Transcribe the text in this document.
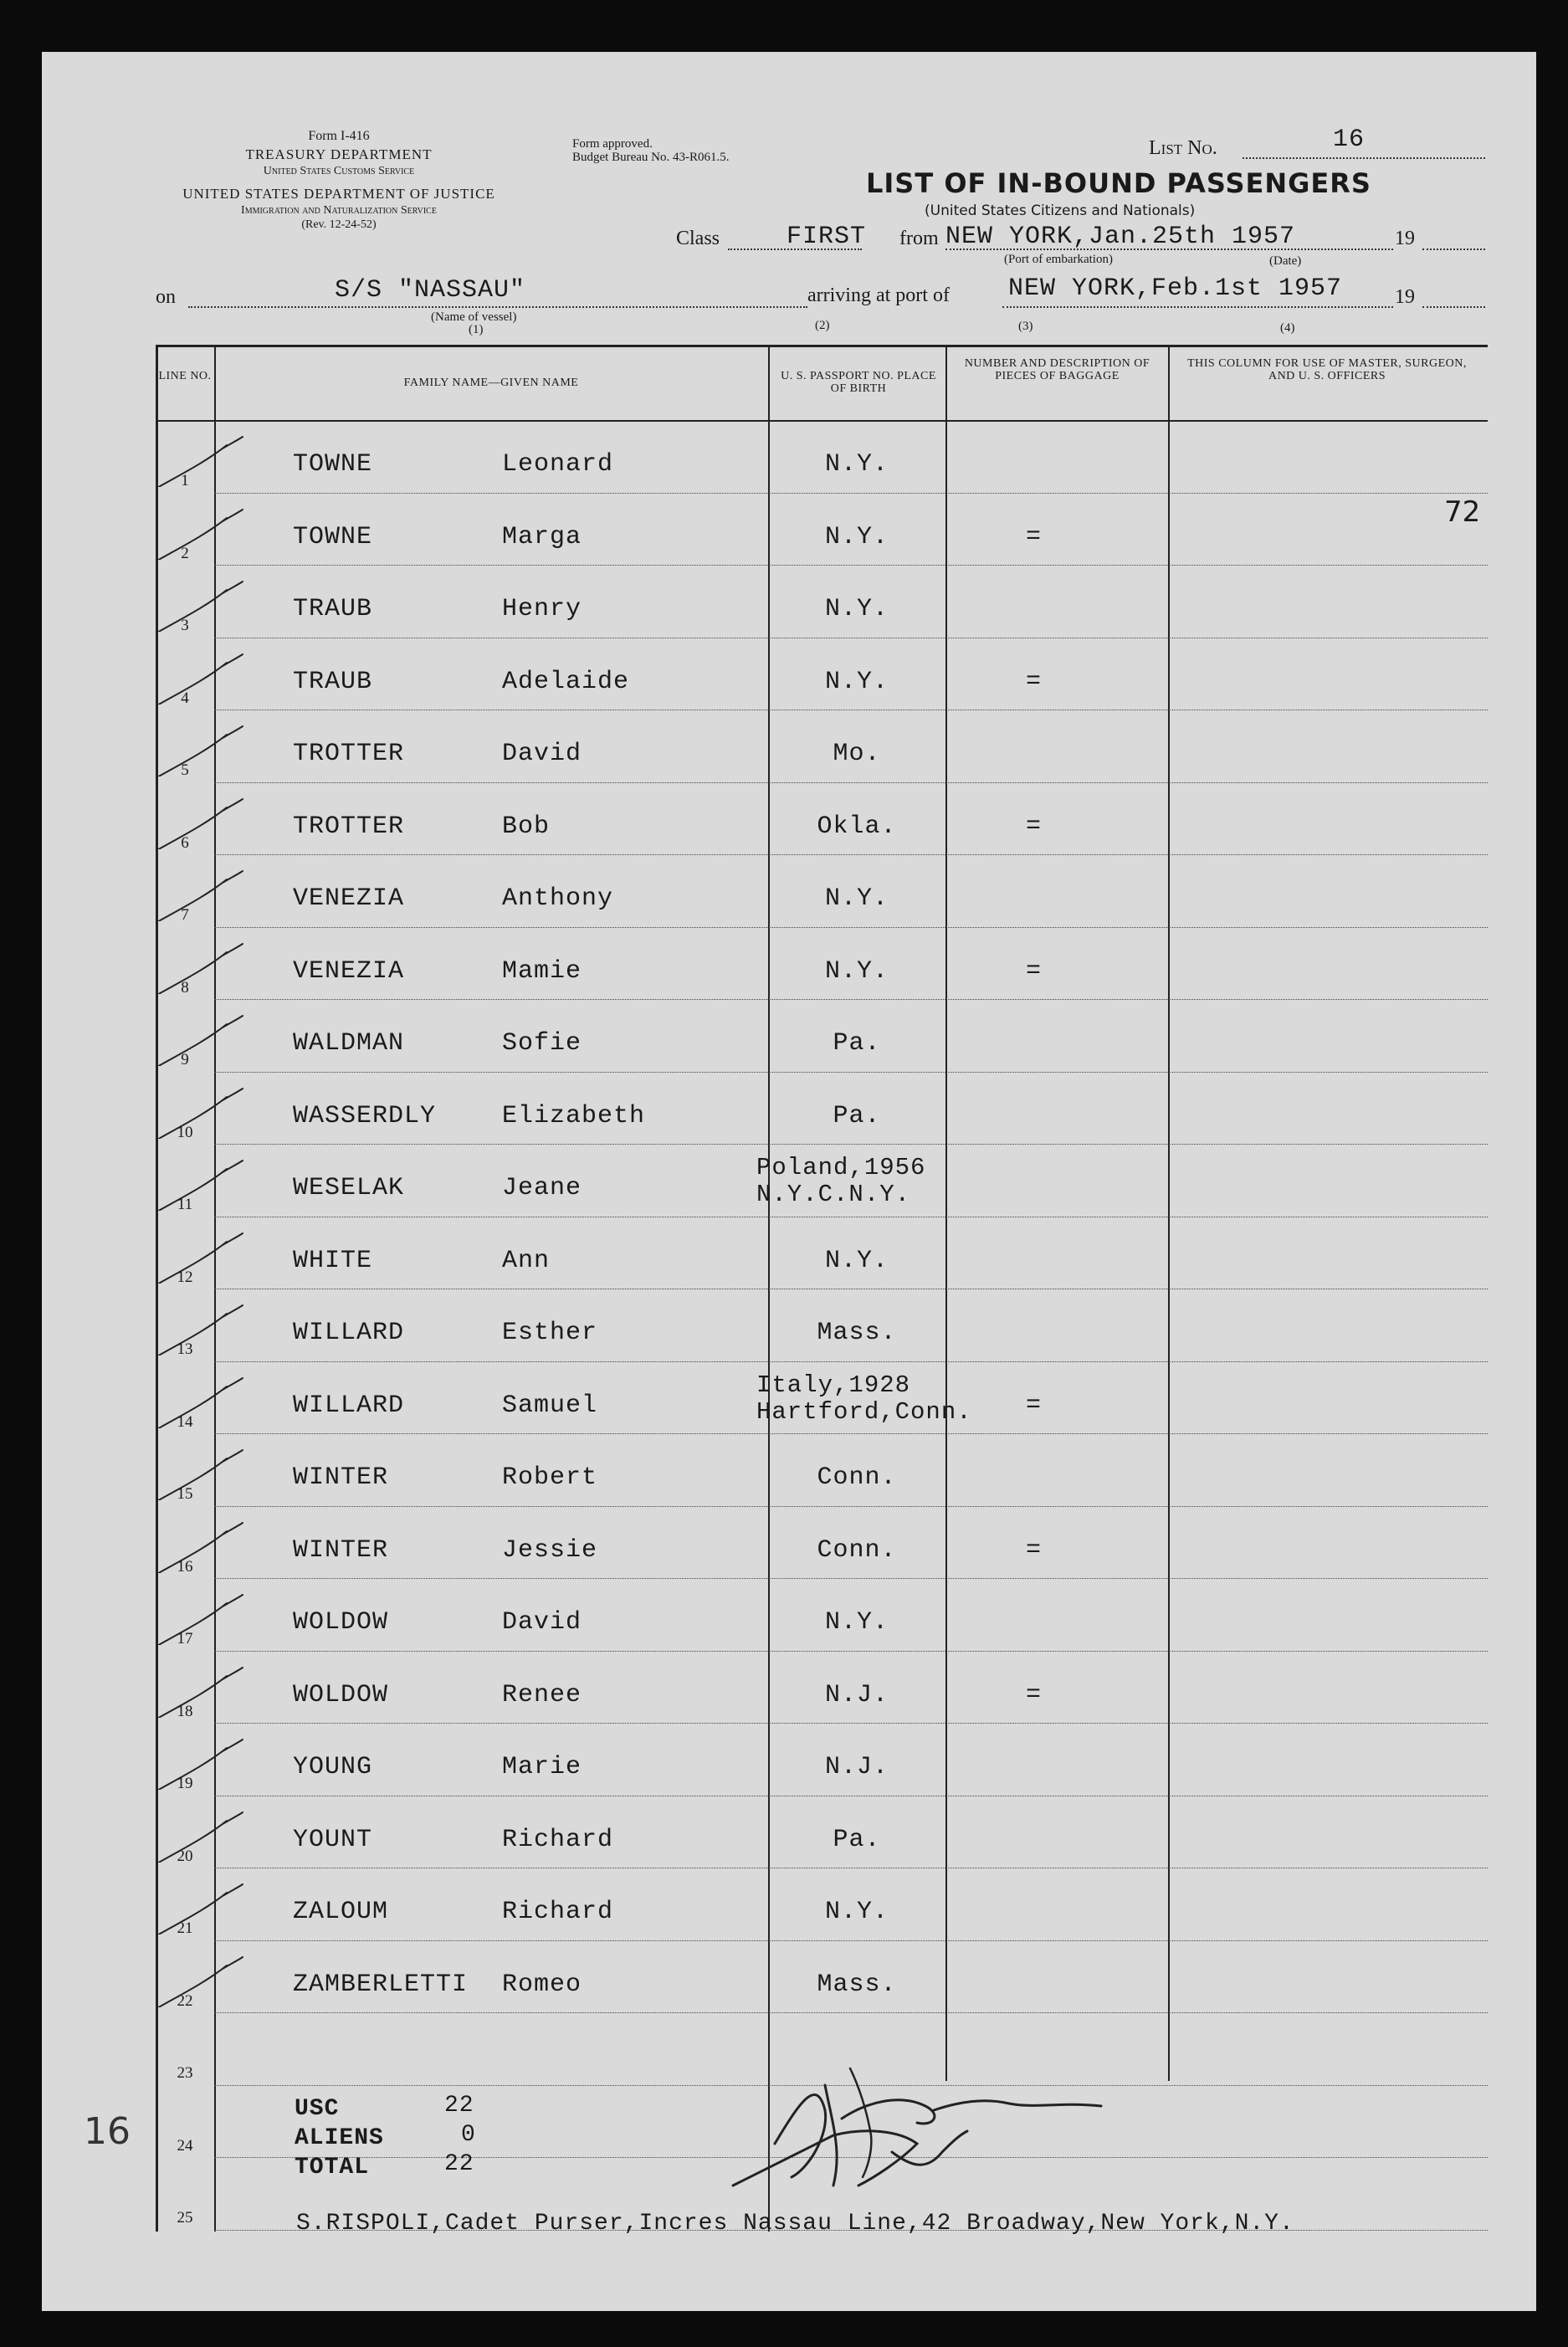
Form I-416
TREASURY DEPARTMENT
United States Customs Service
UNITED STATES DEPARTMENT OF JUSTICE
Immigration and Naturalization Service
(Rev. 12-24-52)
Form approved.
Budget Bureau No. 43-R061.5.	List No.	16
LIST OF IN-BOUND PASSENGERS
(United States Citizens and Nationals)
Class	FIRST from NEW YORK,Jan.25th 1957	19
(Port of embarkation)	(Date)
on	S/S "NASSAU"
(Name of vessel)
(1)	(2)
arriving at port of NEW YORK,Feb.1st 1957	19
(3)	(4)
LINE NO.
FAMILY NAME—GIVEN NAME
U. S. PASSPORT NO. PLACE OF BIRTH
NUMBER AND DESCRIPTION OF PIECES OF BAGGAGE
THIS COLUMN FOR USE OF MASTER, SURGEON, AND U. S. OFFICERS
72
1
TOWNE	Leonard	N.Y.
2
TOWNE	Marga	N.Y.	=
3
TRAUB	Henry	N.Y.
4
TRAUB	Adelaide	N.Y.	=
5
TROTTER	David	Mo.
6
TROTTER	Bob	Okla.	=
7
VENEZIA	Anthony	N.Y.
8
VENEZIA	Mamie	N.Y.	=
9
WALDMAN	Sofie	Pa.
10
WASSERDLY	Elizabeth	Pa.
11
WESELAK	Jeane
Poland,1956
N.Y.C.N.Y.
12
WHITE	Ann	N.Y.
13
WILLARD	Esther	Mass.
14
WILLARD	Samuel
Italy,1928
Hartford,Conn.	=
15
WINTER	Robert	Conn.
16
WINTER	Jessie	Conn.	=
17
WOLDOW	David	N.Y.
18
WOLDOW	Renee	N.J.	=
19
YOUNG	Marie	N.J.
20
YOUNT	Richard	Pa.
21
ZALOUM	Richard	N.Y.
22
ZAMBERLETTI Romeo	Mass.
23
24
25
USC	22
ALIENS	0
TOTAL	22
S.RISPOLI,Cadet Purser,Incres Nassau Line,42 Broadway,New York,N.Y.
16
